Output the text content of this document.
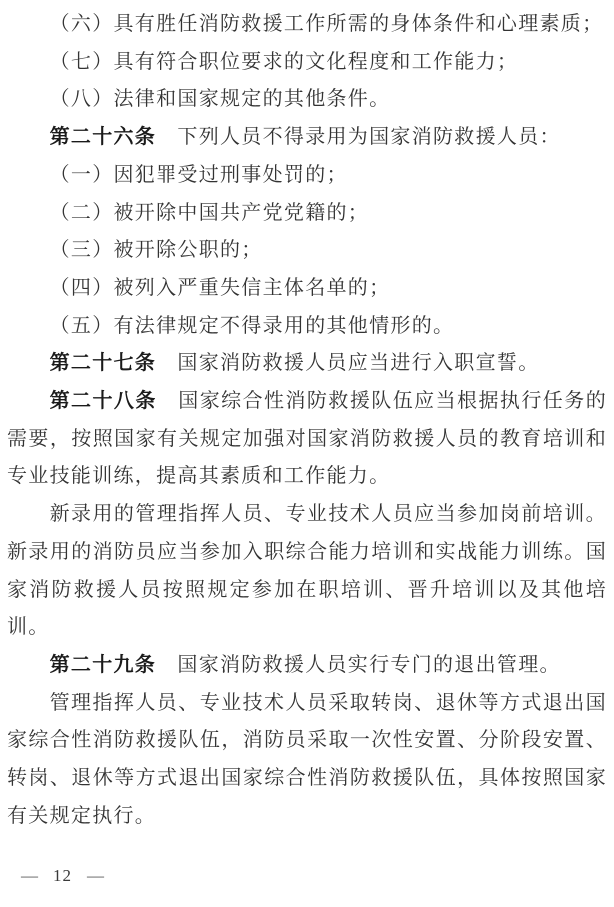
（六）具有胜任消防救援工作所需的身体条件和心理素质；

（七）具有符合职位要求的文化程度和工作能力；

（八）法律和国家规定的其他条件。

第二十六条　 下列人员不得录用为国家消防救援人员：

（一）因犯罪受过刑事处罚的；

（二）被开除中国共产党党籍的；

（三）被开除公职的；

（四）被列入严重失信主体名单的；

（五）有法律规定不得录用的其他情形的。

第二十七条　 国家消防救援人员应当进行入职宣誓。

第二十八条　 国家综合性消防救援队伍应当根据执行任务的需要，按照国家有关规定加强对国家消防救援人员的教育培训和专业技能训练，提高其素质和工作能力。

新录用的管理指挥人员、专业技术人员应当参加岗前培训。新录用的消防员应当参加入职综合能力培训和实战能力训练。国家消防救援人员按照规定参加在职培训、晋升培训以及其他培训。

第二十九条　 国家消防救援人员实行专门的退出管理。

管理指挥人员、专业技术人员采取转岗、退休等方式退出国家综合性消防救援队伍，消防员采取一次性安置、分阶段安置、转岗、退休等方式退出国家综合性消防救援队伍，具体按照国家有关规定执行。

— 12 —
